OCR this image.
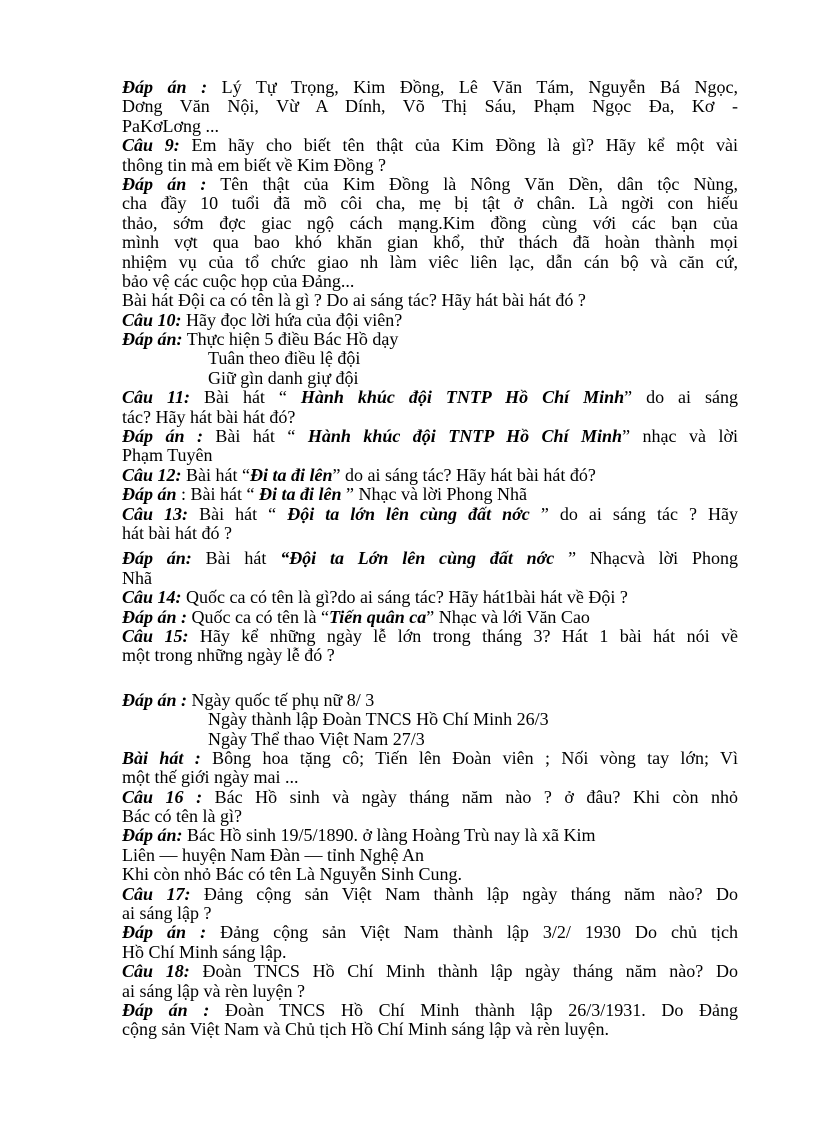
Đáp án : Lý Tự Trọng, Kim Đồng, Lê Văn Tám, Nguyễn Bá Ngọc,
Dơng Văn Nội, Vừ A Dính, Võ Thị Sáu, Phạm Ngọc Đa, Kơ -
PaKơLơng ...
Câu 9: Em hãy cho biết tên thật của Kim Đồng là gì? Hãy kể một vài
thông tin mà em biết về Kim Đồng ?
Đáp án : Tên thật của Kim Đồng là Nông Văn Dền, dân tộc Nùng,
cha đầy 10 tuổi đã mồ côi cha, mẹ bị tật ở chân. Là ngời con hiếu
thảo, sớm đợc giac ngộ cách mạng.Kim đồng cùng với các bạn của
mình vợt qua bao khó khăn gian khổ, thử thách đã hoàn thành mọi
nhiệm vụ của tổ chức giao nh làm viêc liên lạc, dẫn cán bộ và căn cứ,
bảo vệ các cuộc họp của Đảng...
Bài hát Đội ca có tên là gì ? Do ai sáng tác? Hãy hát bài hát đó ?
Câu 10: Hãy đọc lời hứa của đội viên?
Đáp án: Thực hiện 5 điều Bác Hồ dạy
Tuân theo điều lệ đội
Giữ gìn danh giự đội
Câu 11: Bài hát “ Hành khúc đội TNTP Hồ Chí Minh” do ai sáng
tác? Hãy hát bài hát đó?
Đáp án : Bài hát “ Hành khúc đội TNTP Hồ Chí Minh” nhạc và lời
Phạm Tuyên
Câu 12: Bài hát “Đi ta đi lên” do ai sáng tác? Hãy hát bài hát đó?
Đáp án : Bài hát “ Đi ta đi lên ” Nhạc và lời Phong Nhã
Câu 13: Bài hát “ Đội ta lớn lên cùng đất nớc ” do ai sáng tác ? Hãy
hát bài hát đó ?
Đáp án: Bài hát “Đội ta Lớn lên cùng đất nớc ” Nhạcvà lời Phong
Nhã
Câu 14: Quốc ca có tên là gì?do ai sáng tác? Hãy hát1bài hát về Đội ?
Đáp án : Quốc ca có tên là “Tiến quân ca” Nhạc và lới Văn Cao
Câu 15: Hãy kể những ngày lễ lớn trong tháng 3? Hát 1 bài hát nói về
một trong những ngày lễ đó ?
Đáp án : Ngày quốc tế phụ nữ 8/ 3
Ngày thành lập Đoàn TNCS Hồ Chí Minh 26/3
Ngày Thể thao Việt Nam 27/3
Bài hát : Bông hoa tặng cô; Tiến lên Đoàn viên ; Nối vòng tay lớn; Vì
một thế giới ngày mai ...
Câu 16 : Bác Hồ sinh và ngày tháng năm nào ? ở đâu? Khi còn nhỏ
Bác có tên là gì?
Đáp án: Bác Hồ sinh 19/5/1890. ở làng Hoàng Trù nay là xã Kim
Liên — huyện Nam Đàn — tỉnh Nghệ An
Khi còn nhỏ Bác có tên Là Nguyễn Sinh Cung.
Câu 17: Đảng cộng sản Việt Nam thành lập ngày tháng năm nào? Do
ai sáng lập ?
Đáp án : Đảng cộng sản Việt Nam thành lập 3/2/ 1930 Do chủ tịch
Hồ Chí Minh sáng lập.
Câu 18: Đoàn TNCS Hồ Chí Minh thành lập ngày tháng năm nào? Do
ai sáng lập và rèn luyện ?
Đáp án : Đoàn TNCS Hồ Chí Minh thành lập 26/3/1931. Do Đảng
cộng sản Việt Nam và Chủ tịch Hồ Chí Minh sáng lập và rèn luyện.
